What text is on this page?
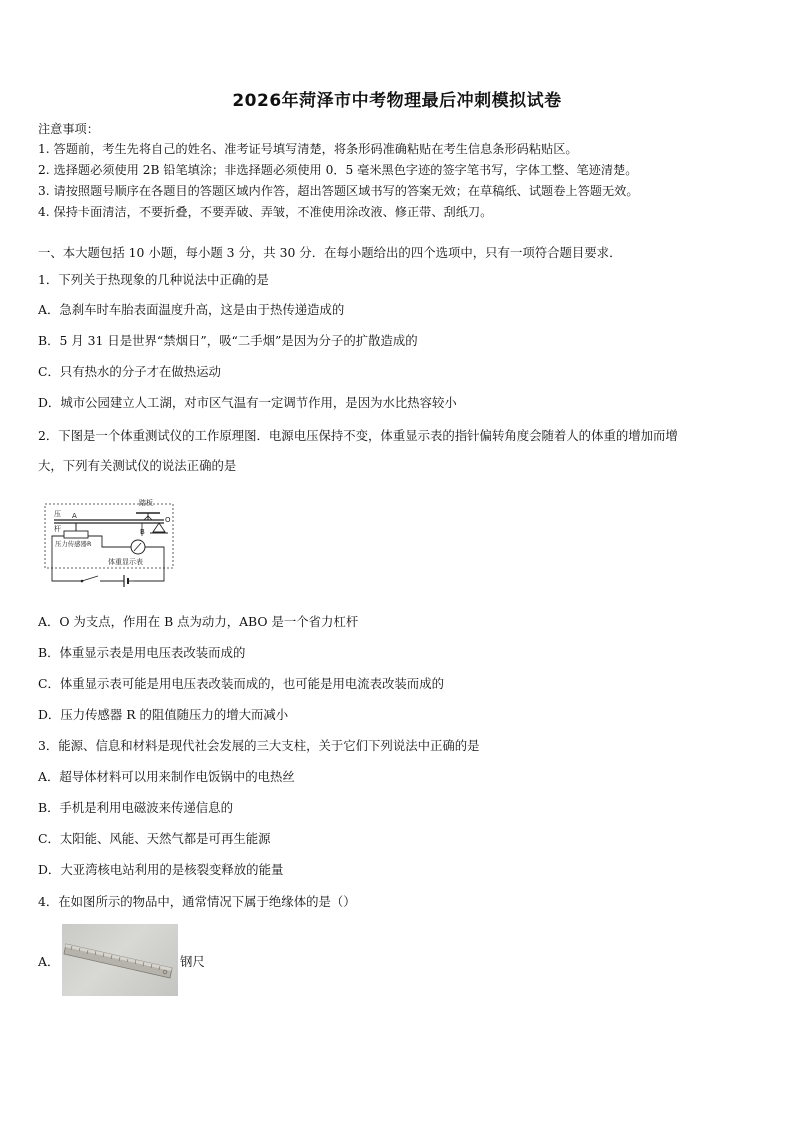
2026年菏泽市中考物理最后冲刺模拟试卷
注意事项：
1. 答题前，考生先将自己的姓名、准考证号填写清楚，将条形码准确粘贴在考生信息条形码粘贴区。
2. 选择题必须使用 2B 铅笔填涂；非选择题必须使用 0．5 毫米黑色字迹的签字笔书写，字体工整、笔迹清楚。
3. 请按照题号顺序在各题目的答题区域内作答，超出答题区域书写的答案无效；在草稿纸、试题卷上答题无效。
4. 保持卡面清洁，不要折叠，不要弄破、弄皱，不准使用涂改液、修正带、刮纸刀。
一、本大题包括 10 小题，每小题 3 分，共 30 分．在每小题给出的四个选项中，只有一项符合题目要求．
1．下列关于热现象的几种说法中正确的是
A．急刹车时车胎表面温度升高，这是由于热传递造成的
B．5 月 31 日是世界“禁烟日”，吸“二手烟”是因为分子的扩散造成的
C．只有热水的分子才在做热运动
D．城市公园建立人工湖，对市区气温有一定调节作用，是因为水比热容较小
2．下图是一个体重测试仪的工作原理图．电源电压保持不变，体重显示表的指针偏转角度会随着人的体重的增加而增
大，下列有关测试仪的说法正确的是
踏板
A
B
O
压
杆
压力传感器R
体重显示表
A．O 为支点，作用在 B 点为动力，ABO 是一个省力杠杆
B．体重显示表是用电压表改装而成的
C．体重显示表可能是用电压表改装而成的，也可能是用电流表改装而成的
D．压力传感器 R 的阻值随压力的增大而减小
3．能源、信息和材料是现代社会发展的三大支柱，关于它们下列说法中正确的是
A．超导体材料可以用来制作电饭锅中的电热丝
B．手机是利用电磁波来传递信息的
C．太阳能、风能、天然气都是可再生能源
D．大亚湾核电站利用的是核裂变释放的能量
4．在如图所示的物品中，通常情况下属于绝缘体的是（）
A．	钢尺
